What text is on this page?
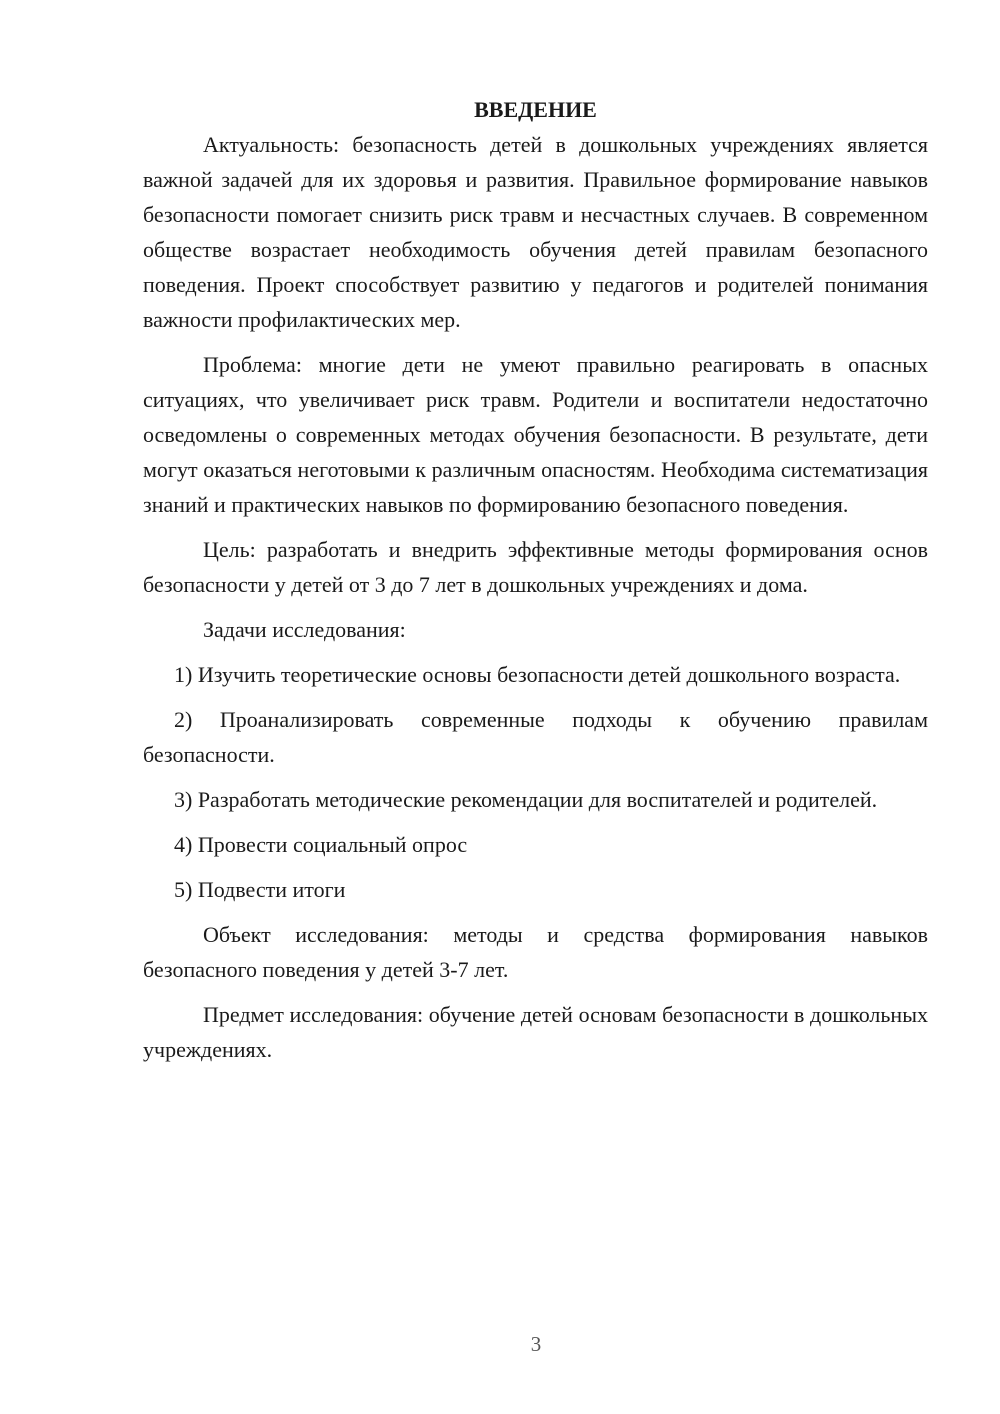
ВВЕДЕНИЕ

Актуальность: безопасность детей в дошкольных учреждениях является важной задачей для их здоровья и развития. Правильное формирование навыков безопасности помогает снизить риск травм и несчастных случаев. В современном обществе возрастает необходимость обучения детей правилам безопасного поведения. Проект способствует развитию у педагогов и родителей понимания важности профилактических мер.

Проблема: многие дети не умеют правильно реагировать в опасных ситуациях, что увеличивает риск травм. Родители и воспитатели недостаточно осведомлены о современных методах обучения безопасности. В результате, дети могут оказаться неготовыми к различным опасностям. Необходима систематизация знаний и практических навыков по формированию безопасного поведения.

Цель: разработать и внедрить эффективные методы формирования основ безопасности у детей от 3 до 7 лет в дошкольных учреждениях и дома.

Задачи исследования:

1) Изучить теоретические основы безопасности детей дошкольного возраста.

2) Проанализировать современные подходы к обучению правилам безопасности.

3) Разработать методические рекомендации для воспитателей и родителей.

4) Провести социальный опрос

5) Подвести итоги

Объект исследования: методы и средства формирования навыков безопасного поведения у детей 3-7 лет.

Предмет исследования: обучение детей основам безопасности в дошкольных учреждениях.

3
